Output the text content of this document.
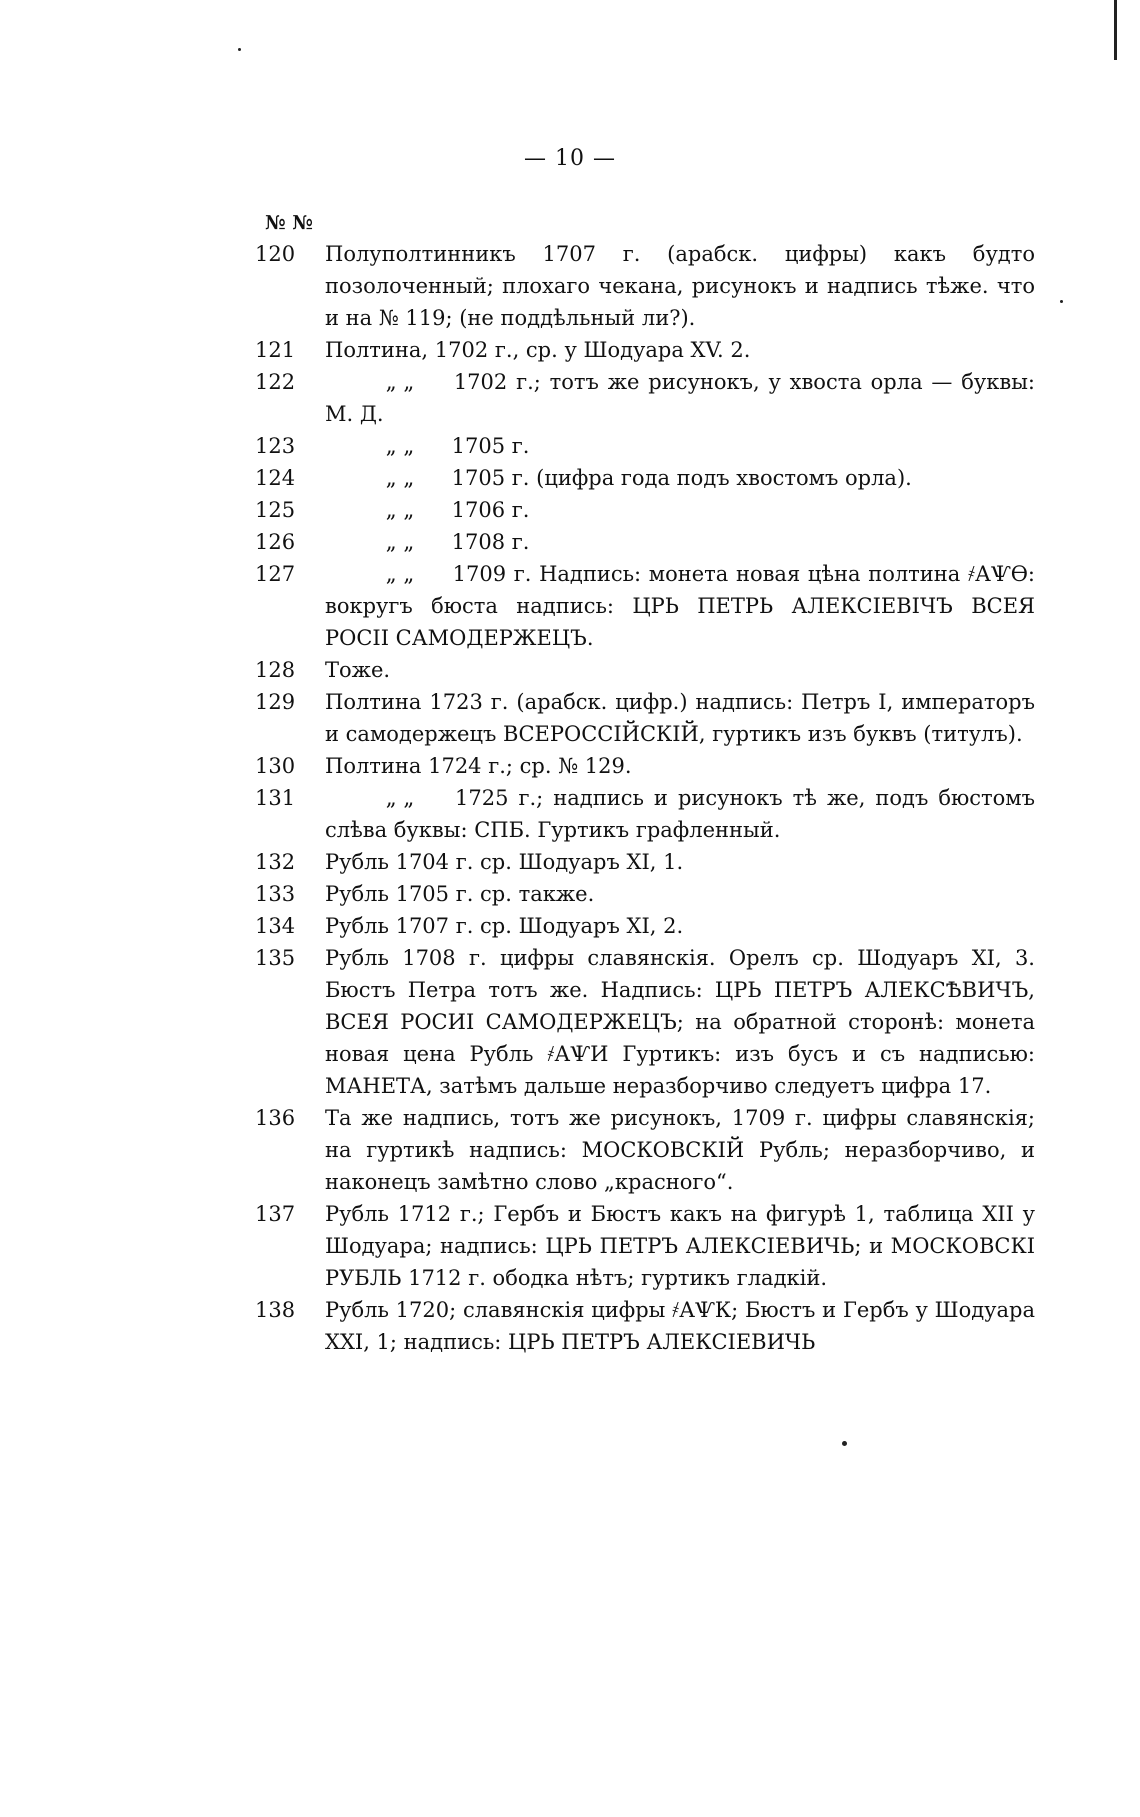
— 10 —
№ №
120	Полуполтинникъ 1707 г. (арабск. цифры) какъ будто позолоченный; плохаго чекана, рисунокъ и надпись тѣже. что и на № 119; (не поддѣльный ли?).
121	Полтина, 1702 г., ср. у Шодуара XV. 2.
122	„ „ 1702 г.; тотъ же рисунокъ, у хвоста орла — буквы: М. Д.
123	„ „ 1705 г.
124	„ „ 1705 г. (цифра года подъ хвостомъ орла).
125	„ „ 1706 г.
126	„ „ 1708 г.
127	„ „ 1709 г. Надпись: монета новая цѣна полтина ҂АѰѲ: вокругъ бюста надпись: ЦРЬ ПЕТРЬ АЛЕКСІЕВІЧЪ ВСЕЯ РОСІІ САМОДЕРЖЕЦЪ.
128	Тоже.
129	Полтина 1723 г. (арабск. цифр.) надпись: Петръ I, императоръ и самодержецъ ВСЕРОССІЙСКІЙ, гуртикъ изъ буквъ (титулъ).
130	Полтина 1724 г.; ср. № 129.
131	„ „ 1725 г.; надпись и рисунокъ тѣ же, подъ бюстомъ слѣва буквы: СПБ. Гуртикъ графленный.
132	Рубль 1704 г. ср. Шодуаръ XI, 1.
133	Рубль 1705 г. ср. также.
134	Рубль 1707 г. ср. Шодуаръ XI, 2.
135	Рубль 1708 г. цифры славянскія. Орелъ ср. Шодуаръ XI, 3. Бюстъ Петра тотъ же. Надпись: ЦРЬ ПЕТРЪ АЛЕКСѢВИЧЪ, ВСЕЯ РОСИІ САМОДЕРЖЕЦЪ; на обратной сторонѣ: монета новая цена Рубль ҂АѰИ Гуртикъ: изъ бусъ и съ надписью: МАНЕТА, затѣмъ дальше неразборчиво следуетъ цифра 17.
136	Та же надпись, тотъ же рисунокъ, 1709 г. цифры славянскія; на гуртикѣ надпись: МОСКОВСКІЙ Рубль; неразборчиво, и наконецъ замѣтно слово „красного“.
137	Рубль 1712 г.; Гербъ и Бюстъ какъ на фигурѣ 1, таблица XII у Шодуара; надпись: ЦРЬ ПЕТРЪ АЛЕКСІЕВИЧЬ; и МОСКОВСКІ РУБЛЬ 1712 г. ободка нѣтъ; гуртикъ гладкій.
138	Рубль 1720; славянскія цифры ҂АѰК; Бюстъ и Гербъ у Шодуара XXI, 1; надпись: ЦРЬ ПЕТРЪ АЛЕКСІЕВИЧЬ
